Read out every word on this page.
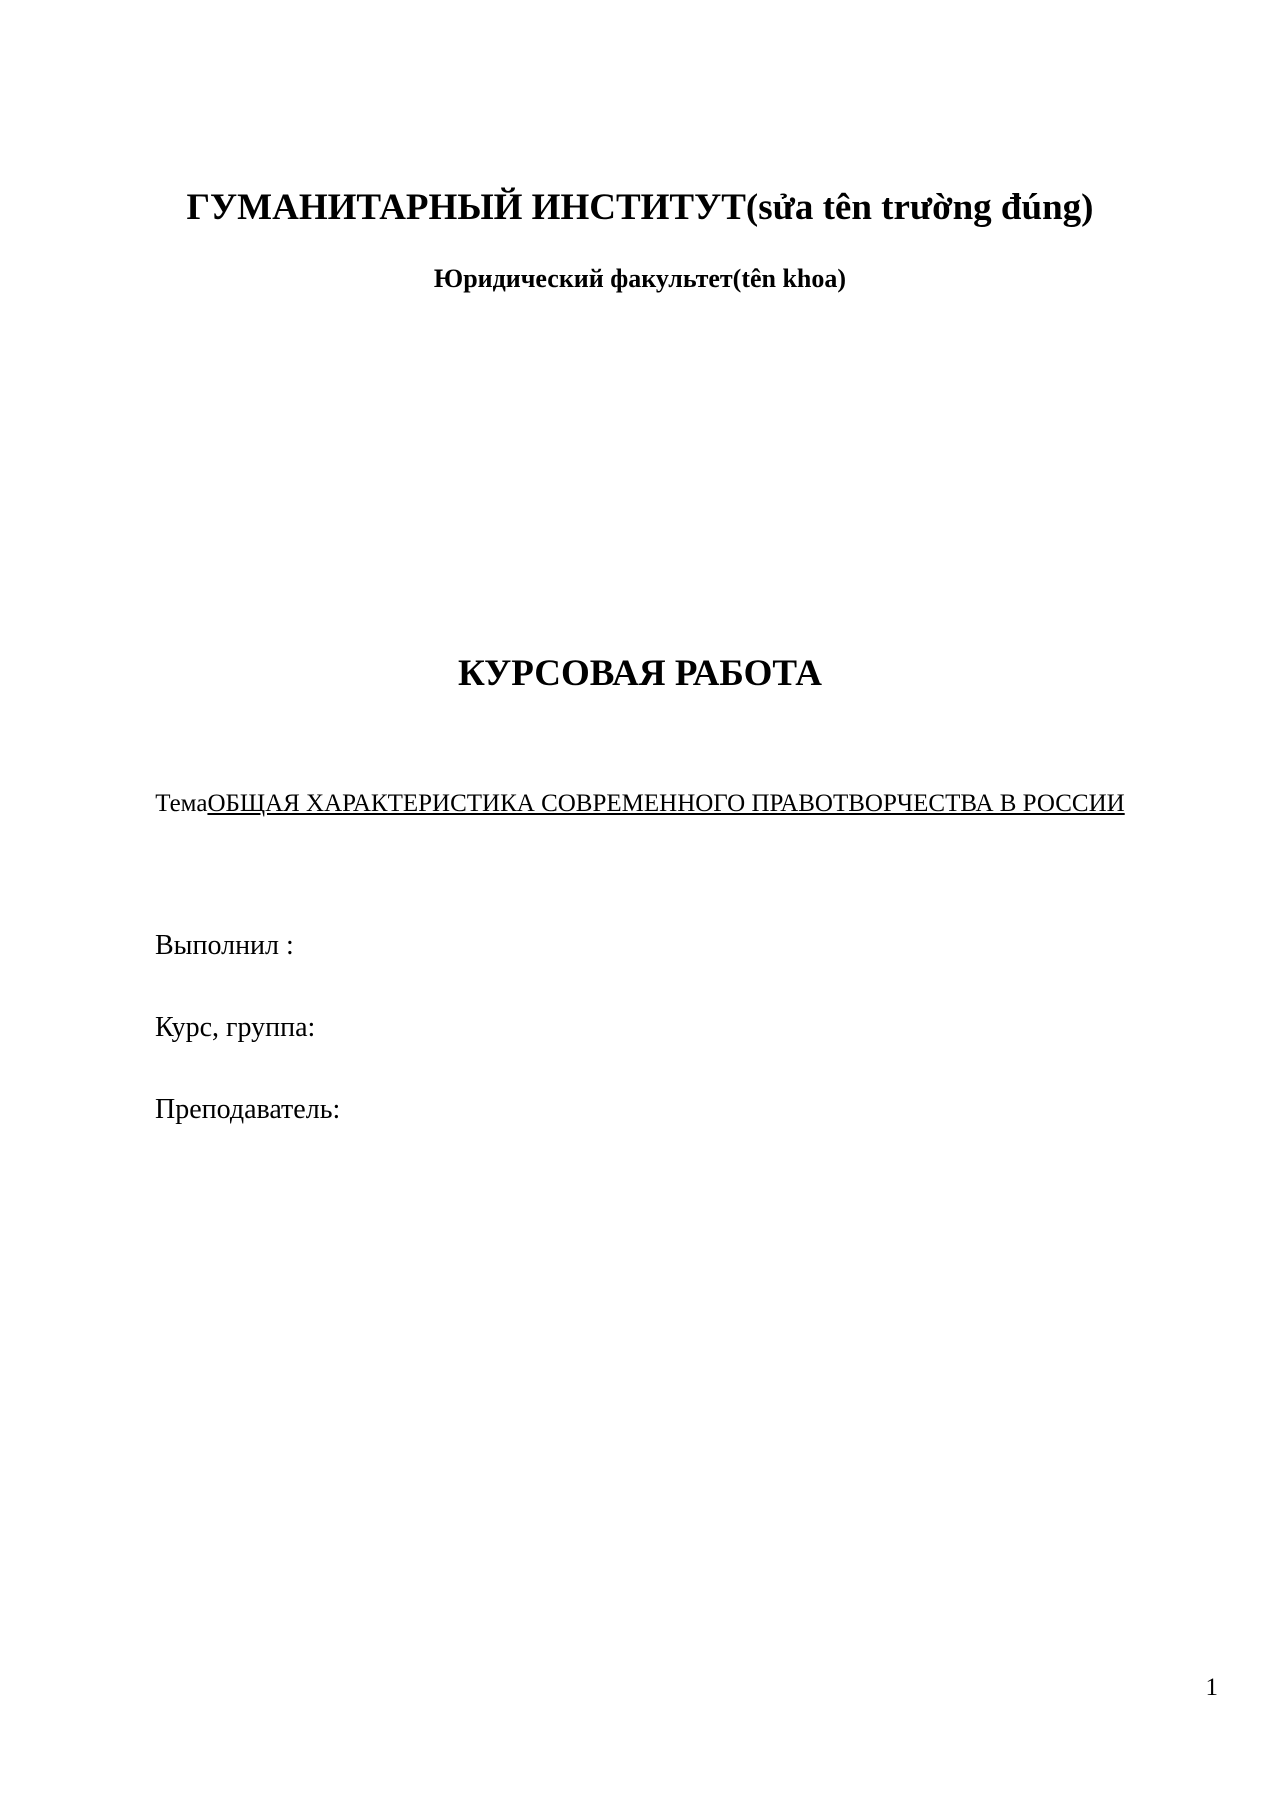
ГУМАНИТАРНЫЙ ИНСТИТУТ(sửa tên trường đúng)
Юридический факультет(tên khoa)
КУРСОВАЯ РАБОТА
ТемаОБЩАЯ ХАРАКТЕРИСТИКА СОВРЕМЕННОГО ПРАВОТВОРЧЕСТВА В РОССИИ
Выполнил :
Курс, группа:
Преподаватель:
1
